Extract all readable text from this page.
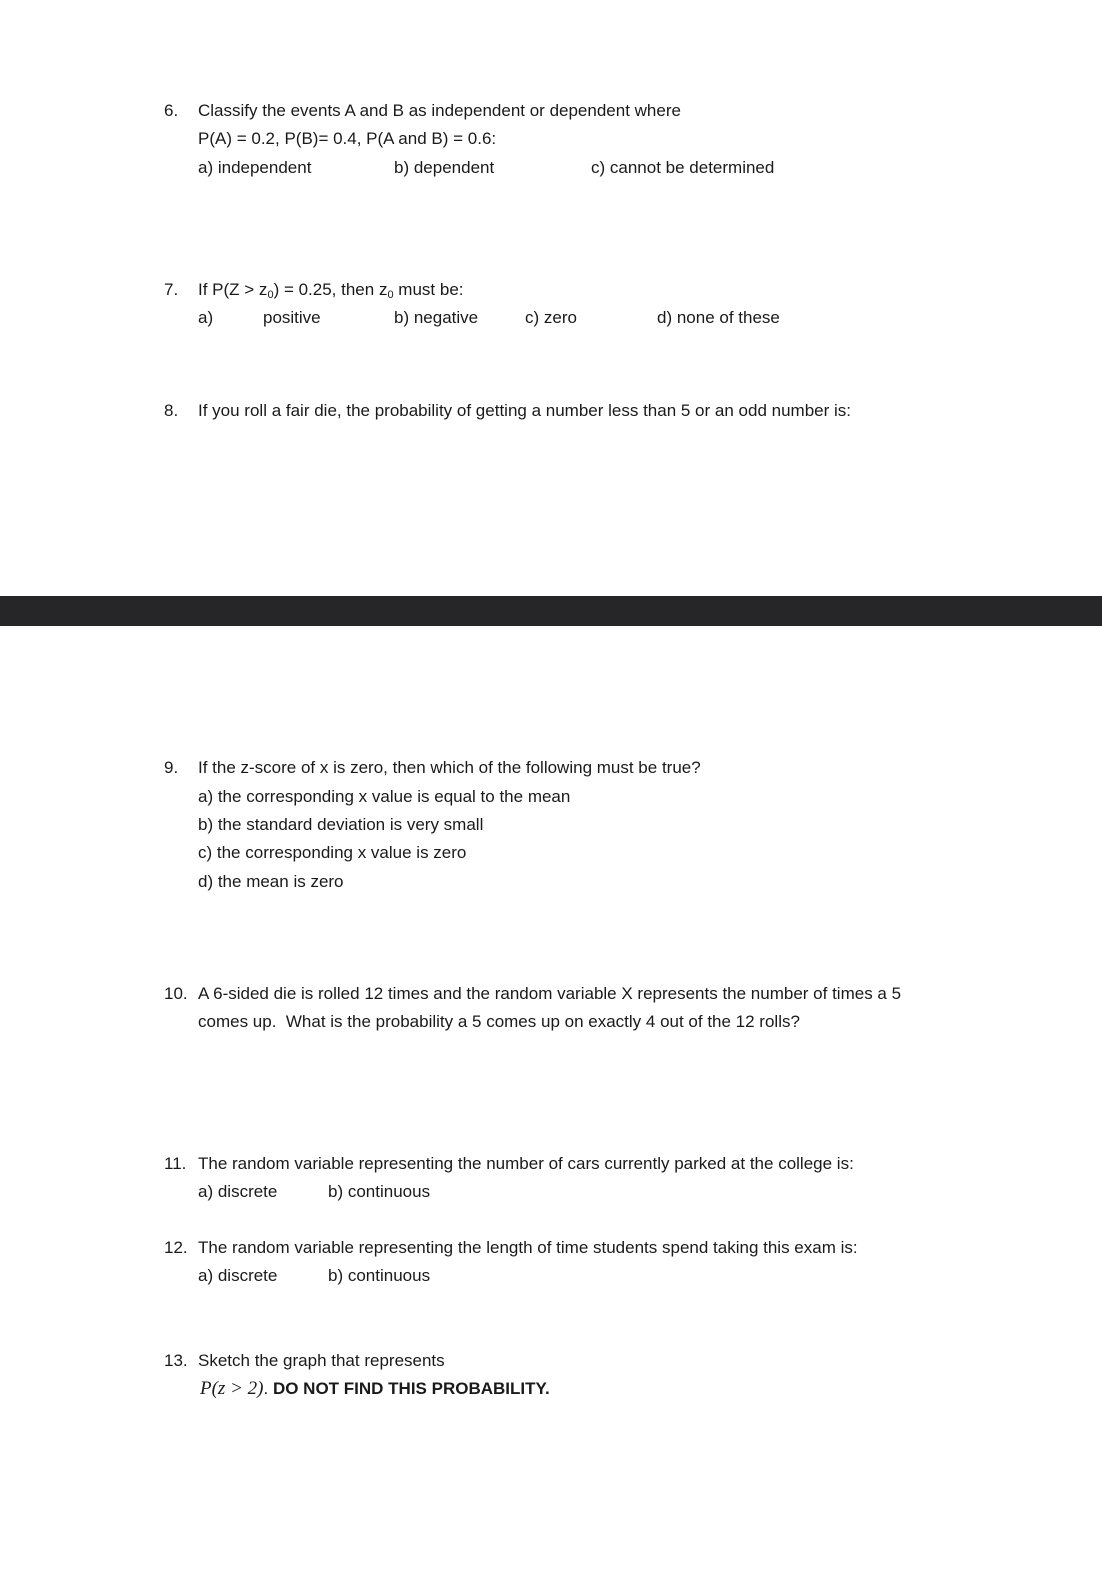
6. Classify the events A and B as independent or dependent where
P(A) = 0.2, P(B)= 0.4, P(A and B) = 0.6:
a) independent	b) dependent	c) cannot be determined
7. If $P(Z > z_0) = 0.25$, then $z_0$ must be:
a)	positive	b) negative	c) zero	d) none of these
8. If you roll a fair die, the probability of getting a number less than 5 or an odd number is:
9. If the z-score of x is zero, then which of the following must be true?
a) the corresponding x value is equal to the mean
b) the standard deviation is very small
c) the corresponding x value is zero
d) the mean is zero
10. A 6-sided die is rolled 12 times and the random variable X represents the number of times a 5
comes up.  What is the probability a 5 comes up on exactly 4 out of the 12 rolls?
11. The random variable representing the number of cars currently parked at the college is:
a) discrete	b) continuous
12. The random variable representing the length of time students spend taking this exam is:
a) discrete	b) continuous
13. Sketch the graph that represents
P(z > 2). DO NOT FIND THIS PROBABILITY.
